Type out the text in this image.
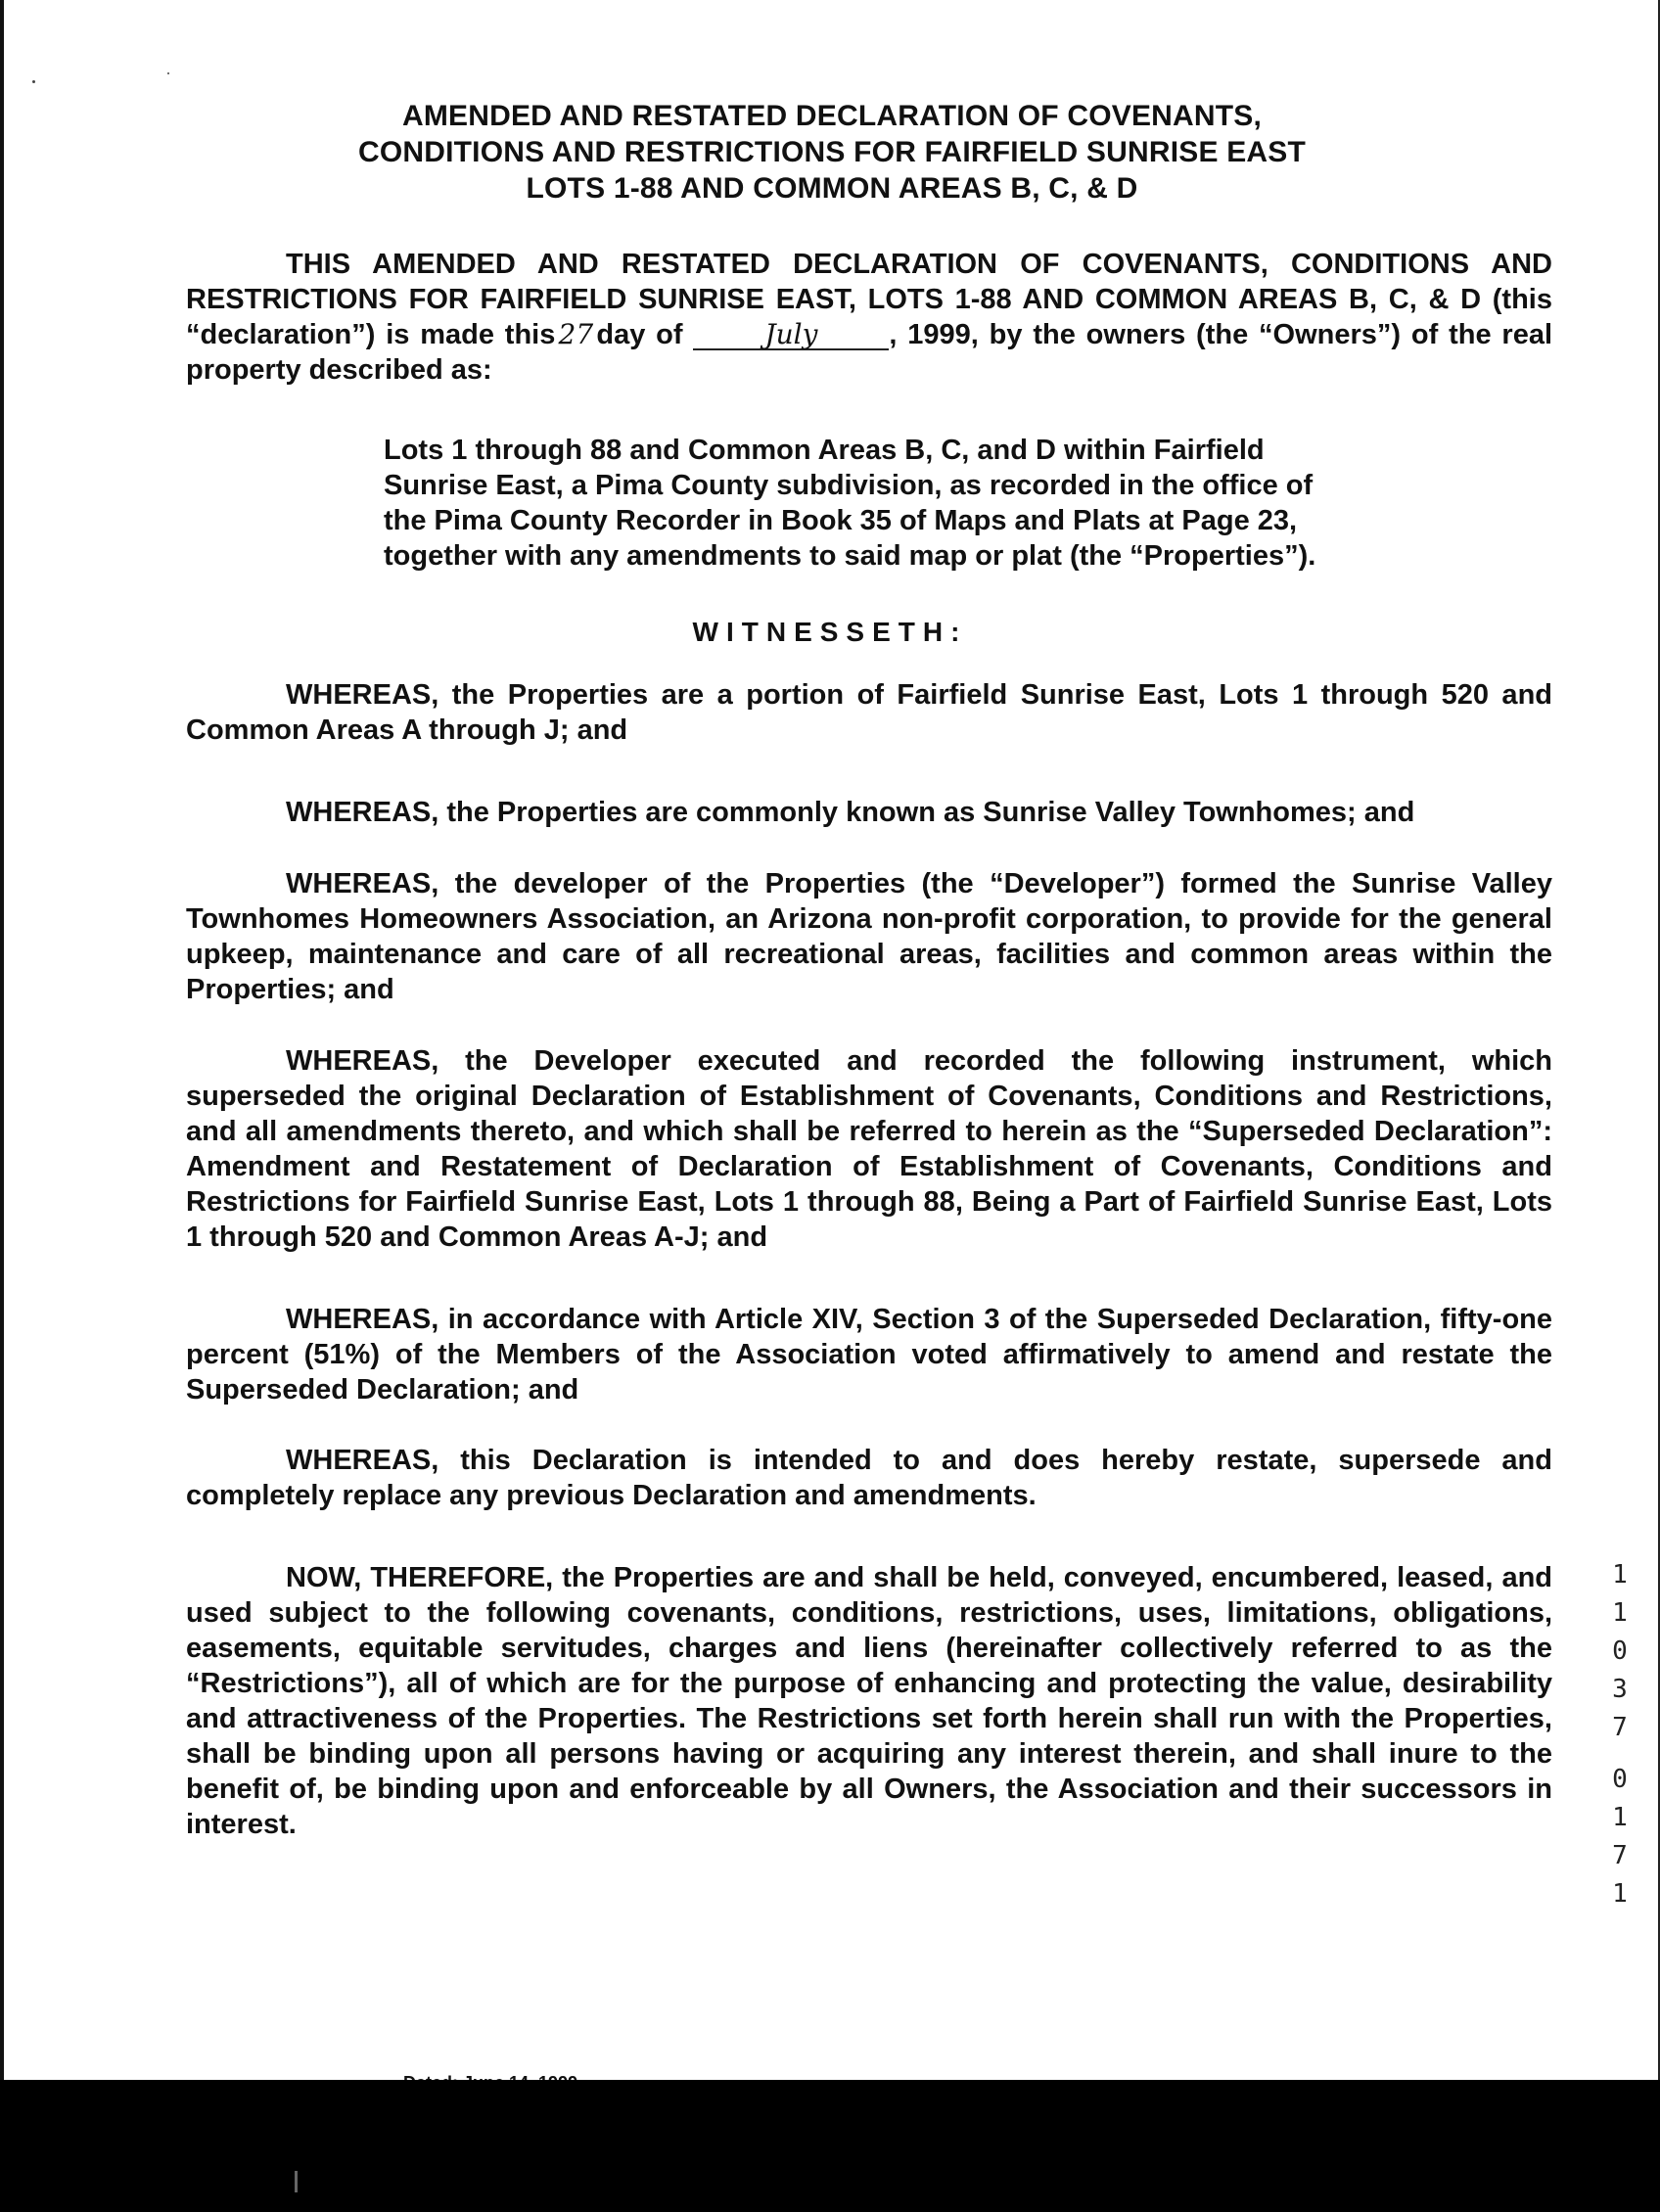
AMENDED AND RESTATED DECLARATION OF COVENANTS,
CONDITIONS AND RESTRICTIONS FOR FAIRFIELD SUNRISE EAST
LOTS 1-88 AND COMMON AREAS B, C, & D
THIS AMENDED AND RESTATED DECLARATION OF COVENANTS, CONDITIONS AND RESTRICTIONS FOR FAIRFIELD SUNRISE EAST, LOTS 1-88 AND COMMON AREAS B, C, & D (this “declaration”) is made this 27 day of	July	, 1999, by the owners (the “Owners”) of the real property described as:
Lots 1 through 88 and Common Areas B, C, and D within Fairfield Sunrise East, a Pima County subdivision, as recorded in the office of the Pima County Recorder in Book 35 of Maps and Plats at Page 23, together with any amendments to said map or plat (the “Properties”).
WITNESSETH:
WHEREAS, the Properties are a portion of Fairfield Sunrise East, Lots 1 through 520 and Common Areas A through J; and
WHEREAS, the Properties are commonly known as Sunrise Valley Townhomes; and
WHEREAS, the developer of the Properties (the “Developer”) formed the Sunrise Valley Townhomes Homeowners Association, an Arizona non-profit corporation, to provide for the general upkeep, maintenance and care of all recreational areas, facilities and common areas within the Properties; and
WHEREAS, the Developer executed and recorded the following instrument, which superseded the original Declaration of Establishment of Covenants, Conditions and Restrictions, and all amendments thereto, and which shall be referred to herein as the “Superseded Declaration”: Amendment and Restatement of Declaration of Establishment of Covenants, Conditions and Restrictions for Fairfield Sunrise East, Lots 1 through 88, Being a Part of Fairfield Sunrise East, Lots 1 through 520 and Common Areas A-J; and
WHEREAS, in accordance with Article XIV, Section 3 of the Superseded Declaration, fifty-one percent (51%) of the Members of the Association voted affirmatively to amend and restate the Superseded Declaration; and
WHEREAS, this Declaration is intended to and does hereby restate, supersede and completely replace any previous Declaration and amendments.
NOW, THEREFORE, the Properties are and shall be held, conveyed, encumbered, leased, and used subject to the following covenants, conditions, restrictions, uses, limitations, obligations, easements, equitable servitudes, charges and liens (hereinafter collectively referred to as the “Restrictions”), all of which are for the purpose of enhancing and protecting the value, desirability and attractiveness of the Properties. The Restrictions set forth herein shall run with the Properties, shall be binding upon all persons having or acquiring any interest therein, and shall inure to the benefit of, be binding upon and enforceable by all Owners, the Association and their successors in interest.
1
1
0
3
7
0
1
7
1
